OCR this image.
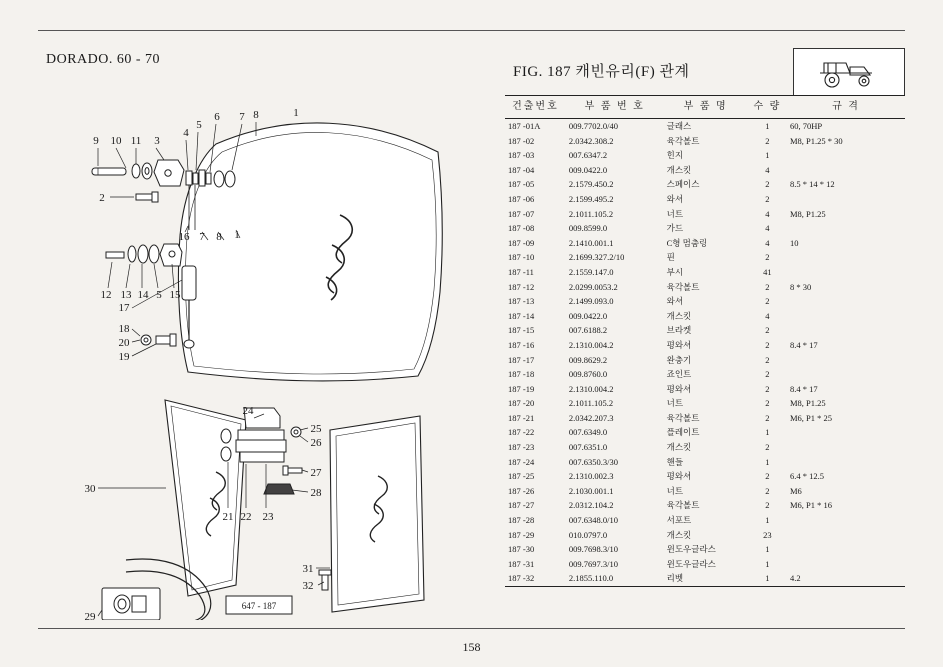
DORADO. 60 - 70
9 10 11 3
4
5
6 7 8	1
2
16 7 8 1
12 13 14 5 15
17
18
20
19
30
24
25
26
27
28
22
21	23
31
32
29
647 - 187
FIG. 187 캐빈유리(F) 관계
건출번호	부 품 번 호	부 품 명	수 량	규 격
187 -01A	009.7702.0/40	글래스	1	60, 70HP
187 -02	2.0342.308.2	육각볼트	2	M8, P1.25 * 30
187 -03	007.6347.2	힌지	1	
187 -04	009.0422.0	개스킷	4	
187 -05	2.1579.450.2	스페이스	2	8.5 * 14 * 12
187 -06	2.1599.495.2	와셔	2	
187 -07	2.1011.105.2	너트	4	M8, P1.25
187 -08	009.8599.0	가드	4	
187 -09	2.1410.001.1	C형 멈춤링	4	10
187 -10	2.1699.327.2/10	핀	2	
187 -11	2.1559.147.0	부시	41	
187 -12	2.0299.0053.2	육각볼트	2	8 * 30
187 -13	2.1499.093.0	와셔	2	
187 -14	009.0422.0	개스킷	4	
187 -15	007.6188.2	브라켓	2	
187 -16	2.1310.004.2	평와셔	2	8.4 * 17
187 -17	009.8629.2	완충기	2	
187 -18	009.8760.0	죠인트	2	
187 -19	2.1310.004.2	평와셔	2	8.4 * 17
187 -20	2.1011.105.2	너트	2	M8, P1.25
187 -21	2.0342.207.3	육각볼트	2	M6, P1 * 25
187 -22	007.6349.0	플레이트	1	
187 -23	007.6351.0	개스킷	2	
187 -24	007.6350.3/30	핸들	1	
187 -25	2.1310.002.3	평와셔	2	6.4 * 12.5
187 -26	2.1030.001.1	너트	2	M6
187 -27	2.0312.104.2	육각볼트	2	M6, P1 * 16
187 -28	007.6348.0/10	서포트	1	
187 -29	010.0797.0	개스킷	23	
187 -30	009.7698.3/10	윈도우글라스	1	
187 -31	009.7697.3/10	윈도우글라스	1	
187 -32	2.1855.110.0	리벳	1	4.2
158
